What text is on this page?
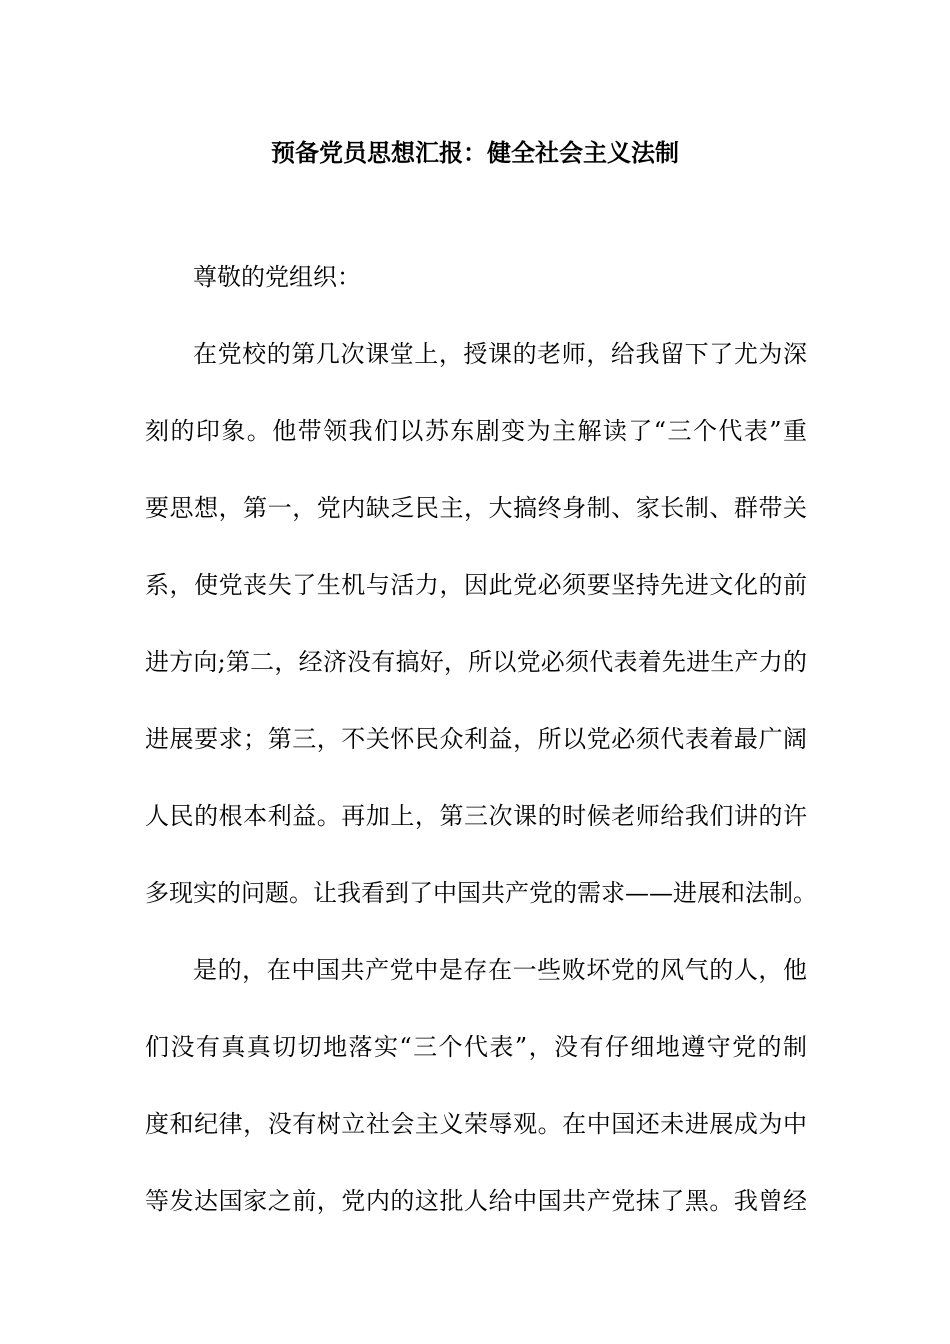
预备党员思想汇报：健全社会主义法制

尊敬的党组织：

在党校的第几次课堂上，授课的老师，给我留下了尤为深
刻的印象。他带领我们以苏东剧变为主解读了“三个代表”重
要思想，第一，党内缺乏民主，大搞终身制、家长制、群带关
系，使党丧失了生机与活力，因此党必须要坚持先进文化的前
进方向;第二，经济没有搞好，所以党必须代表着先进生产力的
进展要求；第三，不关怀民众利益，所以党必须代表着最广阔
人民的根本利益。再加上，第三次课的时候老师给我们讲的许
多现实的问题。让我看到了中国共产党的需求——进展和法制。

是的，在中国共产党中是存在一些败坏党的风气的人，他
们没有真真切切地落实“三个代表”，没有仔细地遵守党的制
度和纪律，没有树立社会主义荣辱观。在中国还未进展成为中
等发达国家之前，党内的这批人给中国共产党抹了黑。我曾经
